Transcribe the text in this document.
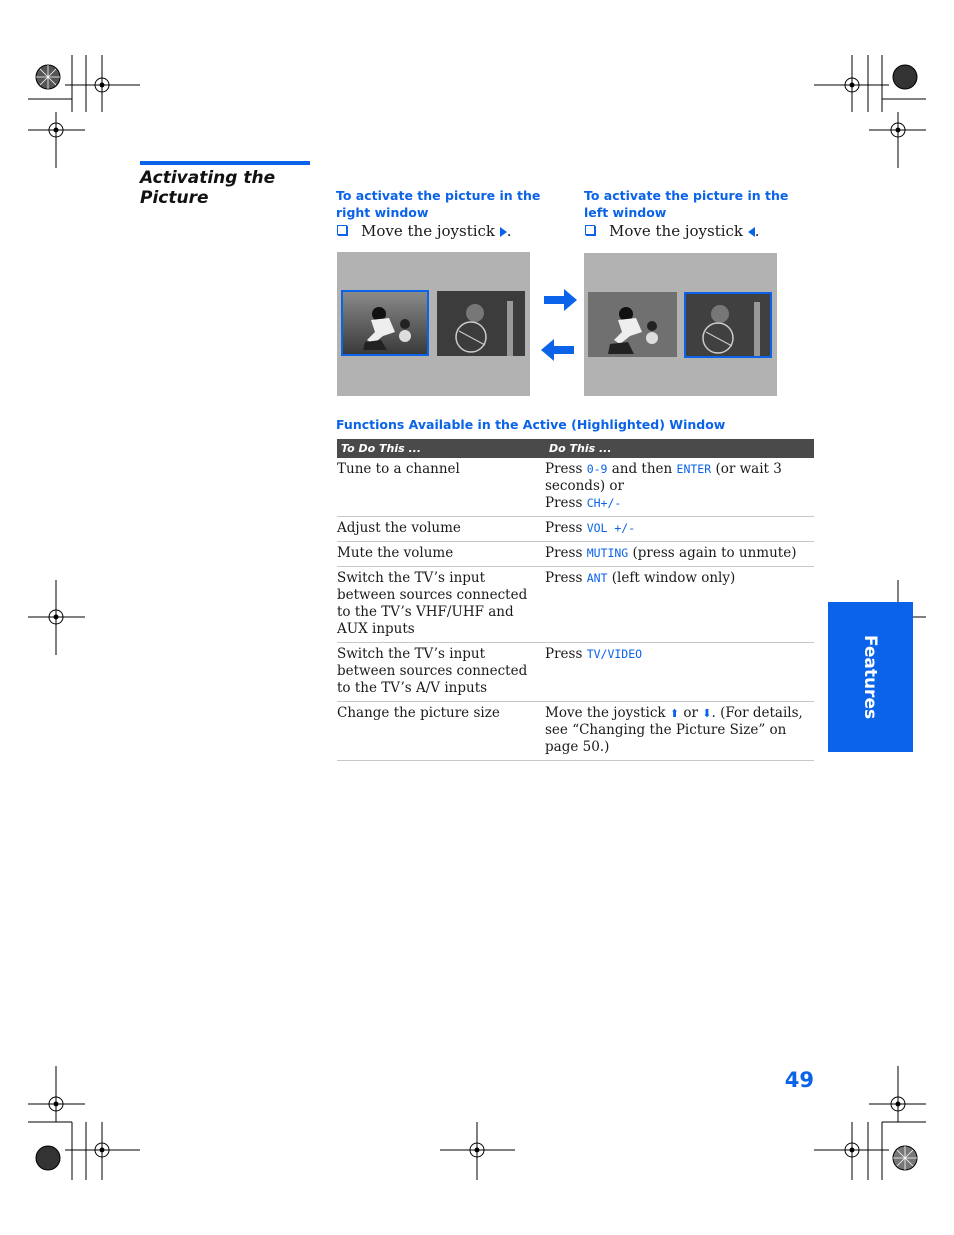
Activating the Picture	To activate the picture in the right window
Move the joystick .
To activate the picture in the left window
Move the joystick .
Functions Available in the Active (Highlighted) Window
To Do This ...	Do This ...
Tune to a channel	Press 0-9 and then ENTER (or wait 3 seconds) or
Press CH+/-
Adjust the volume	Press VOL +/-
Mute the volume	Press MUTING (press again to unmute)
Switch the TV’s input between sources connected to the TV’s VHF/UHF and AUX inputs	Press ANT (left window only)
Switch the TV’s input between sources connected to the TV’s A/V inputs	Press TV/VIDEO
Change the picture size	Move the joystick ⬆ or ⬇. (For details, see “Changing the Picture Size” on page 50.)
Features
49
